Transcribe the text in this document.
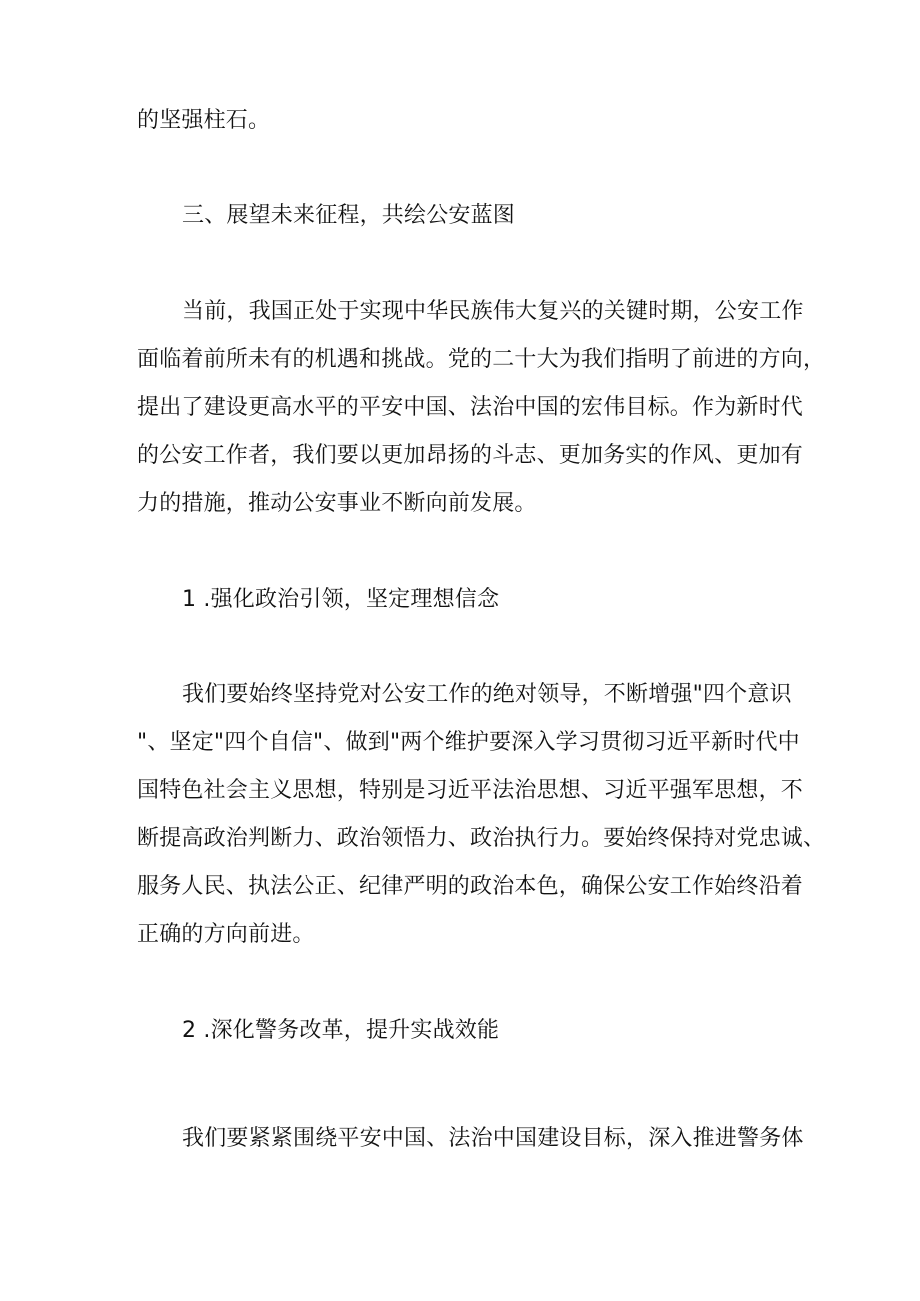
的坚强柱石。
三、展望未来征程，共绘公安蓝图
当前，我国正处于实现中华民族伟大复兴的关键时期，公安工作
面临着前所未有的机遇和挑战。党的二十大为我们指明了前进的方向，
提出了建设更高水平的平安中国、法治中国的宏伟目标。作为新时代
的公安工作者，我们要以更加昂扬的斗志、更加务实的作风、更加有
力的措施，推动公安事业不断向前发展。
1 .强化政治引领，坚定理想信念
我们要始终坚持党对公安工作的绝对领导，不断增强"四个意识
"、坚定"四个自信"、做到"两个维护要深入学习贯彻习近平新时代中
国特色社会主义思想，特别是习近平法治思想、习近平强军思想，不
断提高政治判断力、政治领悟力、政治执行力。要始终保持对党忠诚、
服务人民、执法公正、纪律严明的政治本色，确保公安工作始终沿着
正确的方向前进。
2 .深化警务改革，提升实战效能
我们要紧紧围绕平安中国、法治中国建设目标，深入推进警务体
